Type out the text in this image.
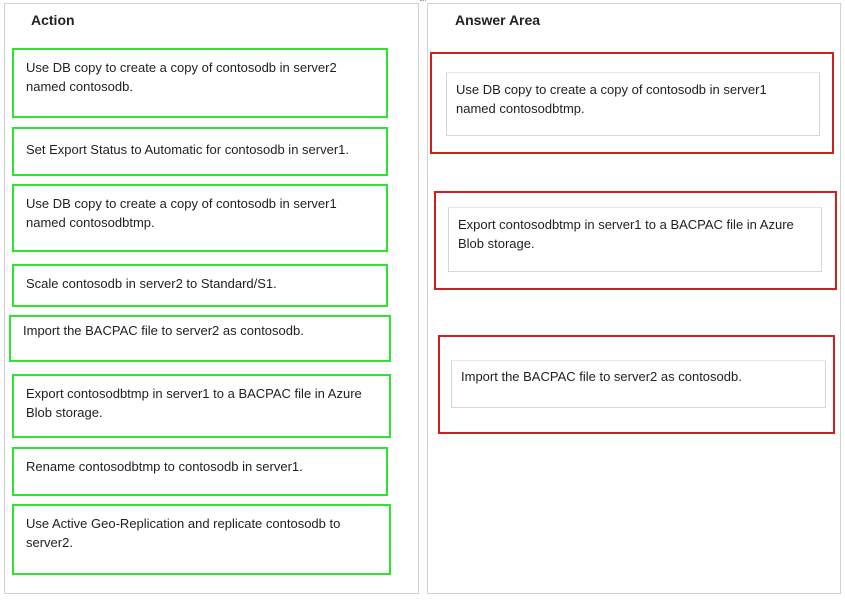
Action
Use DB copy to create a copy of contosodb in server2 named contosodb.
Set Export Status to Automatic for contosodb in server1.
Use DB copy to create a copy of contosodb in server1 named contosodbtmp.
Scale contosodb in server2 to Standard/S1.
Import the BACPAC file to server2 as contosodb.
Export contosodbtmp in server1 to a BACPAC file in Azure Blob storage.
Rename contosodbtmp to contosodb in server1.
Use Active Geo-Replication and replicate contosodb to server2.
Answer Area
Use DB copy to create a copy of contosodb in server1 named contosodbtmp.
Export contosodbtmp in server1 to a BACPAC file in Azure Blob storage.
Import the BACPAC file to server2 as contosodb.
